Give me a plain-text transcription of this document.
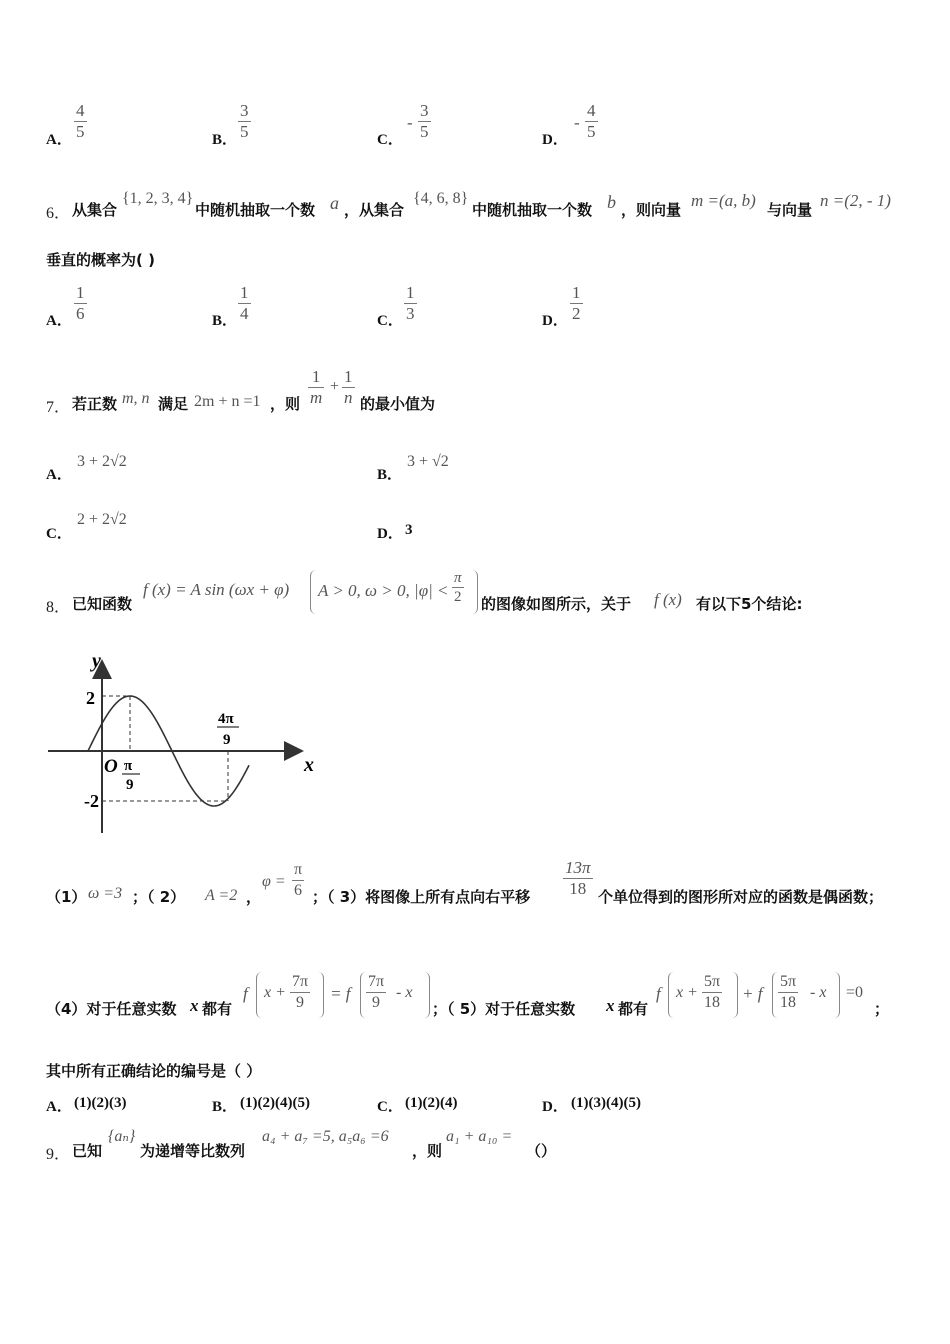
A．
4
5	B．
3
5	C．
-
3
5	D．
-
4
5
6． 从集合
{1, 2, 3, 4}
中随机抽取一个数 a ，从集合
{4, 6, 8}
中随机抽取一个数 b ，则向量 m =(a, b) 与向量 n =(2, - 1)
垂直的概率为( )
A．
1
6	B．
1
4	C．
1
3	D．
1
2
7． 若正数 m, n 满足 2m + n =1 ，则
1
m
+
1
n 的最小值为
A．
3 + 2√2
B．
3 + √2
C．
2 + 2√2
D． 3
8． 已知函数
f (x) = A sin (ωx + φ) A > 0, ω > 0, |φ| <
π
2 的图像如图所示，关于 f (x) 有以下5个结论:
y
x
2
-2
O π
9
4π
9
（1） ω =3 ；（ 2） A =2 ，
φ =
π
6 ；（ 3）将图像上所有点向右平移
13π
18 个单位得到的图形所对应的函数是偶函数；
（4）对于任意实数 x 都有
f x +
7π
9 = f
7π
9
- x
；（ 5）对于任意实数 x 都有
f x +
5π
18 + f
5π
18
- x =0
；
其中所有正确结论的编号是（ ）
A． (1)(2)(3)	B． (1)(2)(4)(5)	C． (1)(2)(4)	D． (1)(3)(4)(5)
9． 已知
{aₙ}
为递增等比数列
a₄ + a₇ =5, a₅a₆ =6
，则
a₁ + a₁₀ =
（）
